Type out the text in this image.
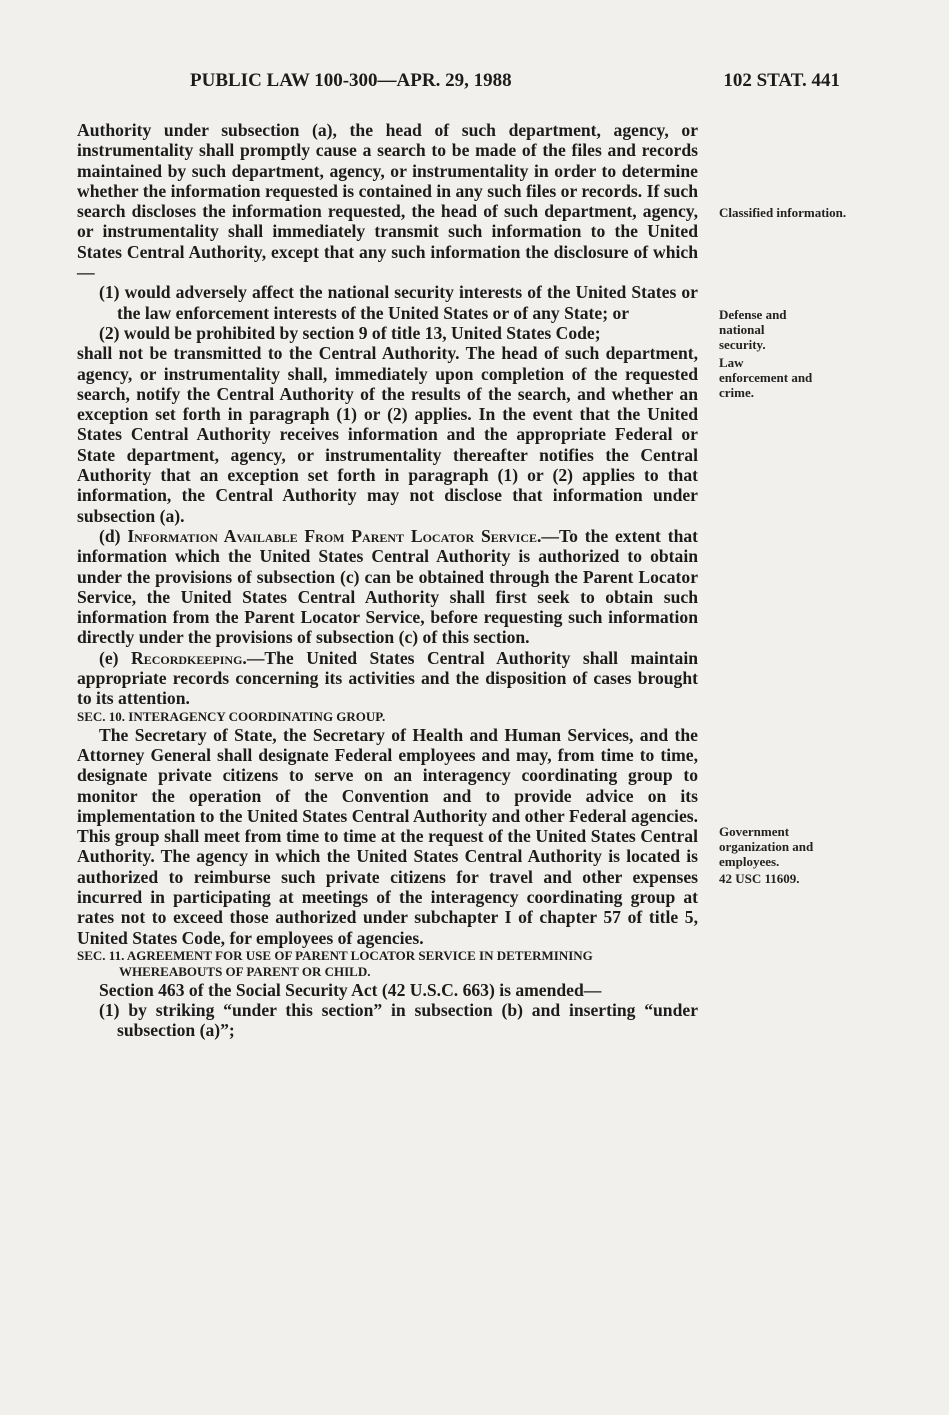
PUBLIC LAW 100-300—APR. 29, 1988	102 STAT. 441

Authority under subsection (a), the head of such department, agency, or instrumentality shall promptly cause a search to be made of the files and records maintained by such department, agency, or instrumentality in order to determine whether the information requested is contained in any such files or records. If such search discloses the information requested, the head of such department, agency, or instrumentality shall immediately transmit such information to the United States Central Authority, except that any such information the disclosure of which—

(1) would adversely affect the national security interests of the United States or the law enforcement interests of the United States or of any State; or

(2) would be prohibited by section 9 of title 13, United States Code;

shall not be transmitted to the Central Authority. The head of such department, agency, or instrumentality shall, immediately upon completion of the requested search, notify the Central Authority of the results of the search, and whether an exception set forth in paragraph (1) or (2) applies. In the event that the United States Central Authority receives information and the appropriate Federal or State department, agency, or instrumentality thereafter notifies the Central Authority that an exception set forth in paragraph (1) or (2) applies to that information, the Central Authority may not disclose that information under subsection (a).

(d) Information Available From Parent Locator Service.—To the extent that information which the United States Central Authority is authorized to obtain under the provisions of subsection (c) can be obtained through the Parent Locator Service, the United States Central Authority shall first seek to obtain such information from the Parent Locator Service, before requesting such information directly under the provisions of subsection (c) of this section.

(e) Recordkeeping.—The United States Central Authority shall maintain appropriate records concerning its activities and the disposition of cases brought to its attention.

SEC. 10. INTERAGENCY COORDINATING GROUP.

The Secretary of State, the Secretary of Health and Human Services, and the Attorney General shall designate Federal employees and may, from time to time, designate private citizens to serve on an interagency coordinating group to monitor the operation of the Convention and to provide advice on its implementation to the United States Central Authority and other Federal agencies. This group shall meet from time to time at the request of the United States Central Authority. The agency in which the United States Central Authority is located is authorized to reimburse such private citizens for travel and other expenses incurred in participating at meetings of the interagency coordinating group at rates not to exceed those authorized under subchapter I of chapter 57 of title 5, United States Code, for employees of agencies.

SEC. 11. AGREEMENT FOR USE OF PARENT LOCATOR SERVICE IN DETERMINING WHEREABOUTS OF PARENT OR CHILD.

Section 463 of the Social Security Act (42 U.S.C. 663) is amended—

(1) by striking “under this section” in subsection (b) and inserting “under subsection (a)”;

Classified information.
Defense and national security.
Law enforcement and crime.
Government organization and employees.
42 USC 11609.
